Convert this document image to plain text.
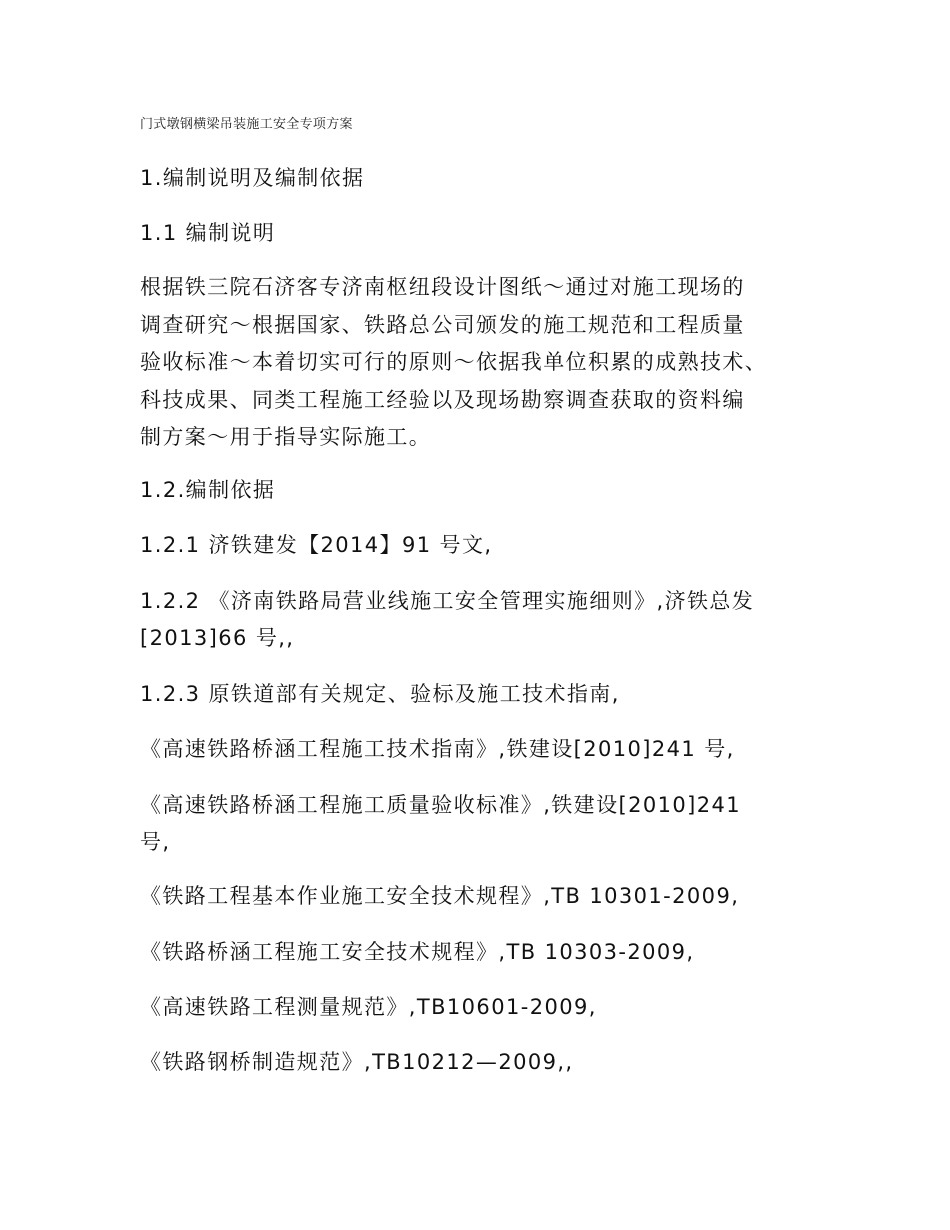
门式墩钢横梁吊装施工安全专项方案
1.编制说明及编制依据
1.1 编制说明
根据铁三院石济客专济南枢纽段设计图纸～通过对施工现场的
调查研究～根据国家、铁路总公司颁发的施工规范和工程质量
验收标准～本着切实可行的原则～依据我单位积累的成熟技术、
科技成果、同类工程施工经验以及现场勘察调查获取的资料编
制方案～用于指导实际施工。
1.2.编制依据
1.2.1 济铁建发【2014】91 号文,
1.2.2 《济南铁路局营业线施工安全管理实施细则》,济铁总发
[2013]66 号,,
1.2.3 原铁道部有关规定、验标及施工技术指南,
《高速铁路桥涵工程施工技术指南》,铁建设[2010]241 号,
《高速铁路桥涵工程施工质量验收标准》,铁建设[2010]241
号,
《铁路工程基本作业施工安全技术规程》,TB 10301-2009,
《铁路桥涵工程施工安全技术规程》,TB 10303-2009,
《高速铁路工程测量规范》,TB10601-2009,
《铁路钢桥制造规范》,TB10212—2009,,
